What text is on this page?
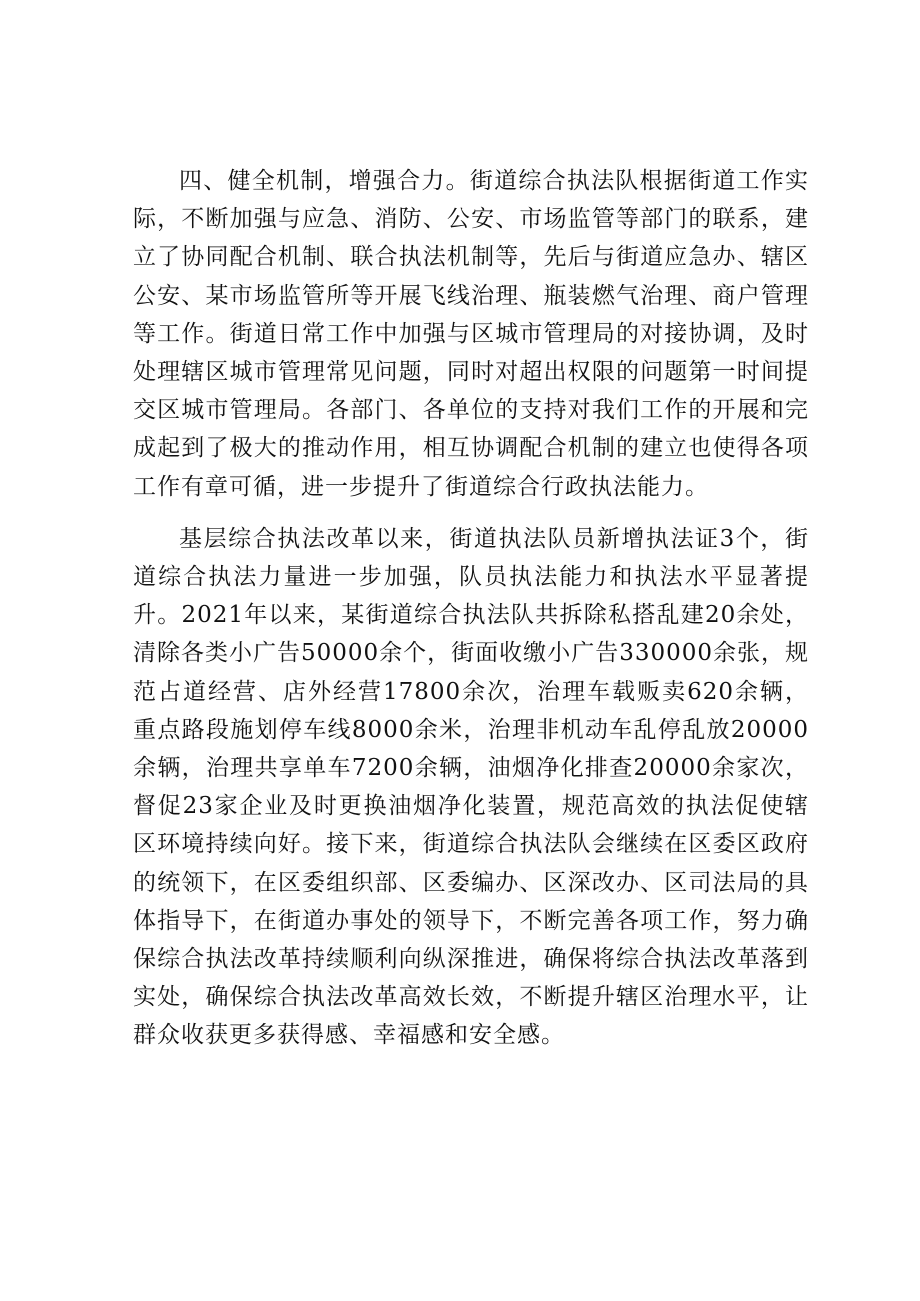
四、健全机制，增强合力。街道综合执法队根据街道工作实际，不断加强与应急、消防、公安、市场监管等部门的联系，建立了协同配合机制、联合执法机制等，先后与街道应急办、辖区公安、某市场监管所等开展飞线治理、瓶装燃气治理、商户管理等工作。街道日常工作中加强与区城市管理局的对接协调，及时处理辖区城市管理常见问题，同时对超出权限的问题第一时间提交区城市管理局。各部门、各单位的支持对我们工作的开展和完成起到了极大的推动作用，相互协调配合机制的建立也使得各项工作有章可循，进一步提升了街道综合行政执法能力。

基层综合执法改革以来，街道执法队员新增执法证3个，街道综合执法力量进一步加强，队员执法能力和执法水平显著提升。2021年以来，某街道综合执法队共拆除私搭乱建20余处，清除各类小广告50000余个，街面收缴小广告330000余张，规范占道经营、店外经营17800余次，治理车载贩卖620余辆，重点路段施划停车线8000余米，治理非机动车乱停乱放20000余辆，治理共享单车7200余辆，油烟净化排查20000余家次，督促23家企业及时更换油烟净化装置，规范高效的执法促使辖区环境持续向好。接下来，街道综合执法队会继续在区委区政府的统领下，在区委组织部、区委编办、区深改办、区司法局的具体指导下，在街道办事处的领导下，不断完善各项工作，努力确保综合执法改革持续顺利向纵深推进，确保将综合执法改革落到实处，确保综合执法改革高效长效，不断提升辖区治理水平，让群众收获更多获得感、幸福感和安全感。
